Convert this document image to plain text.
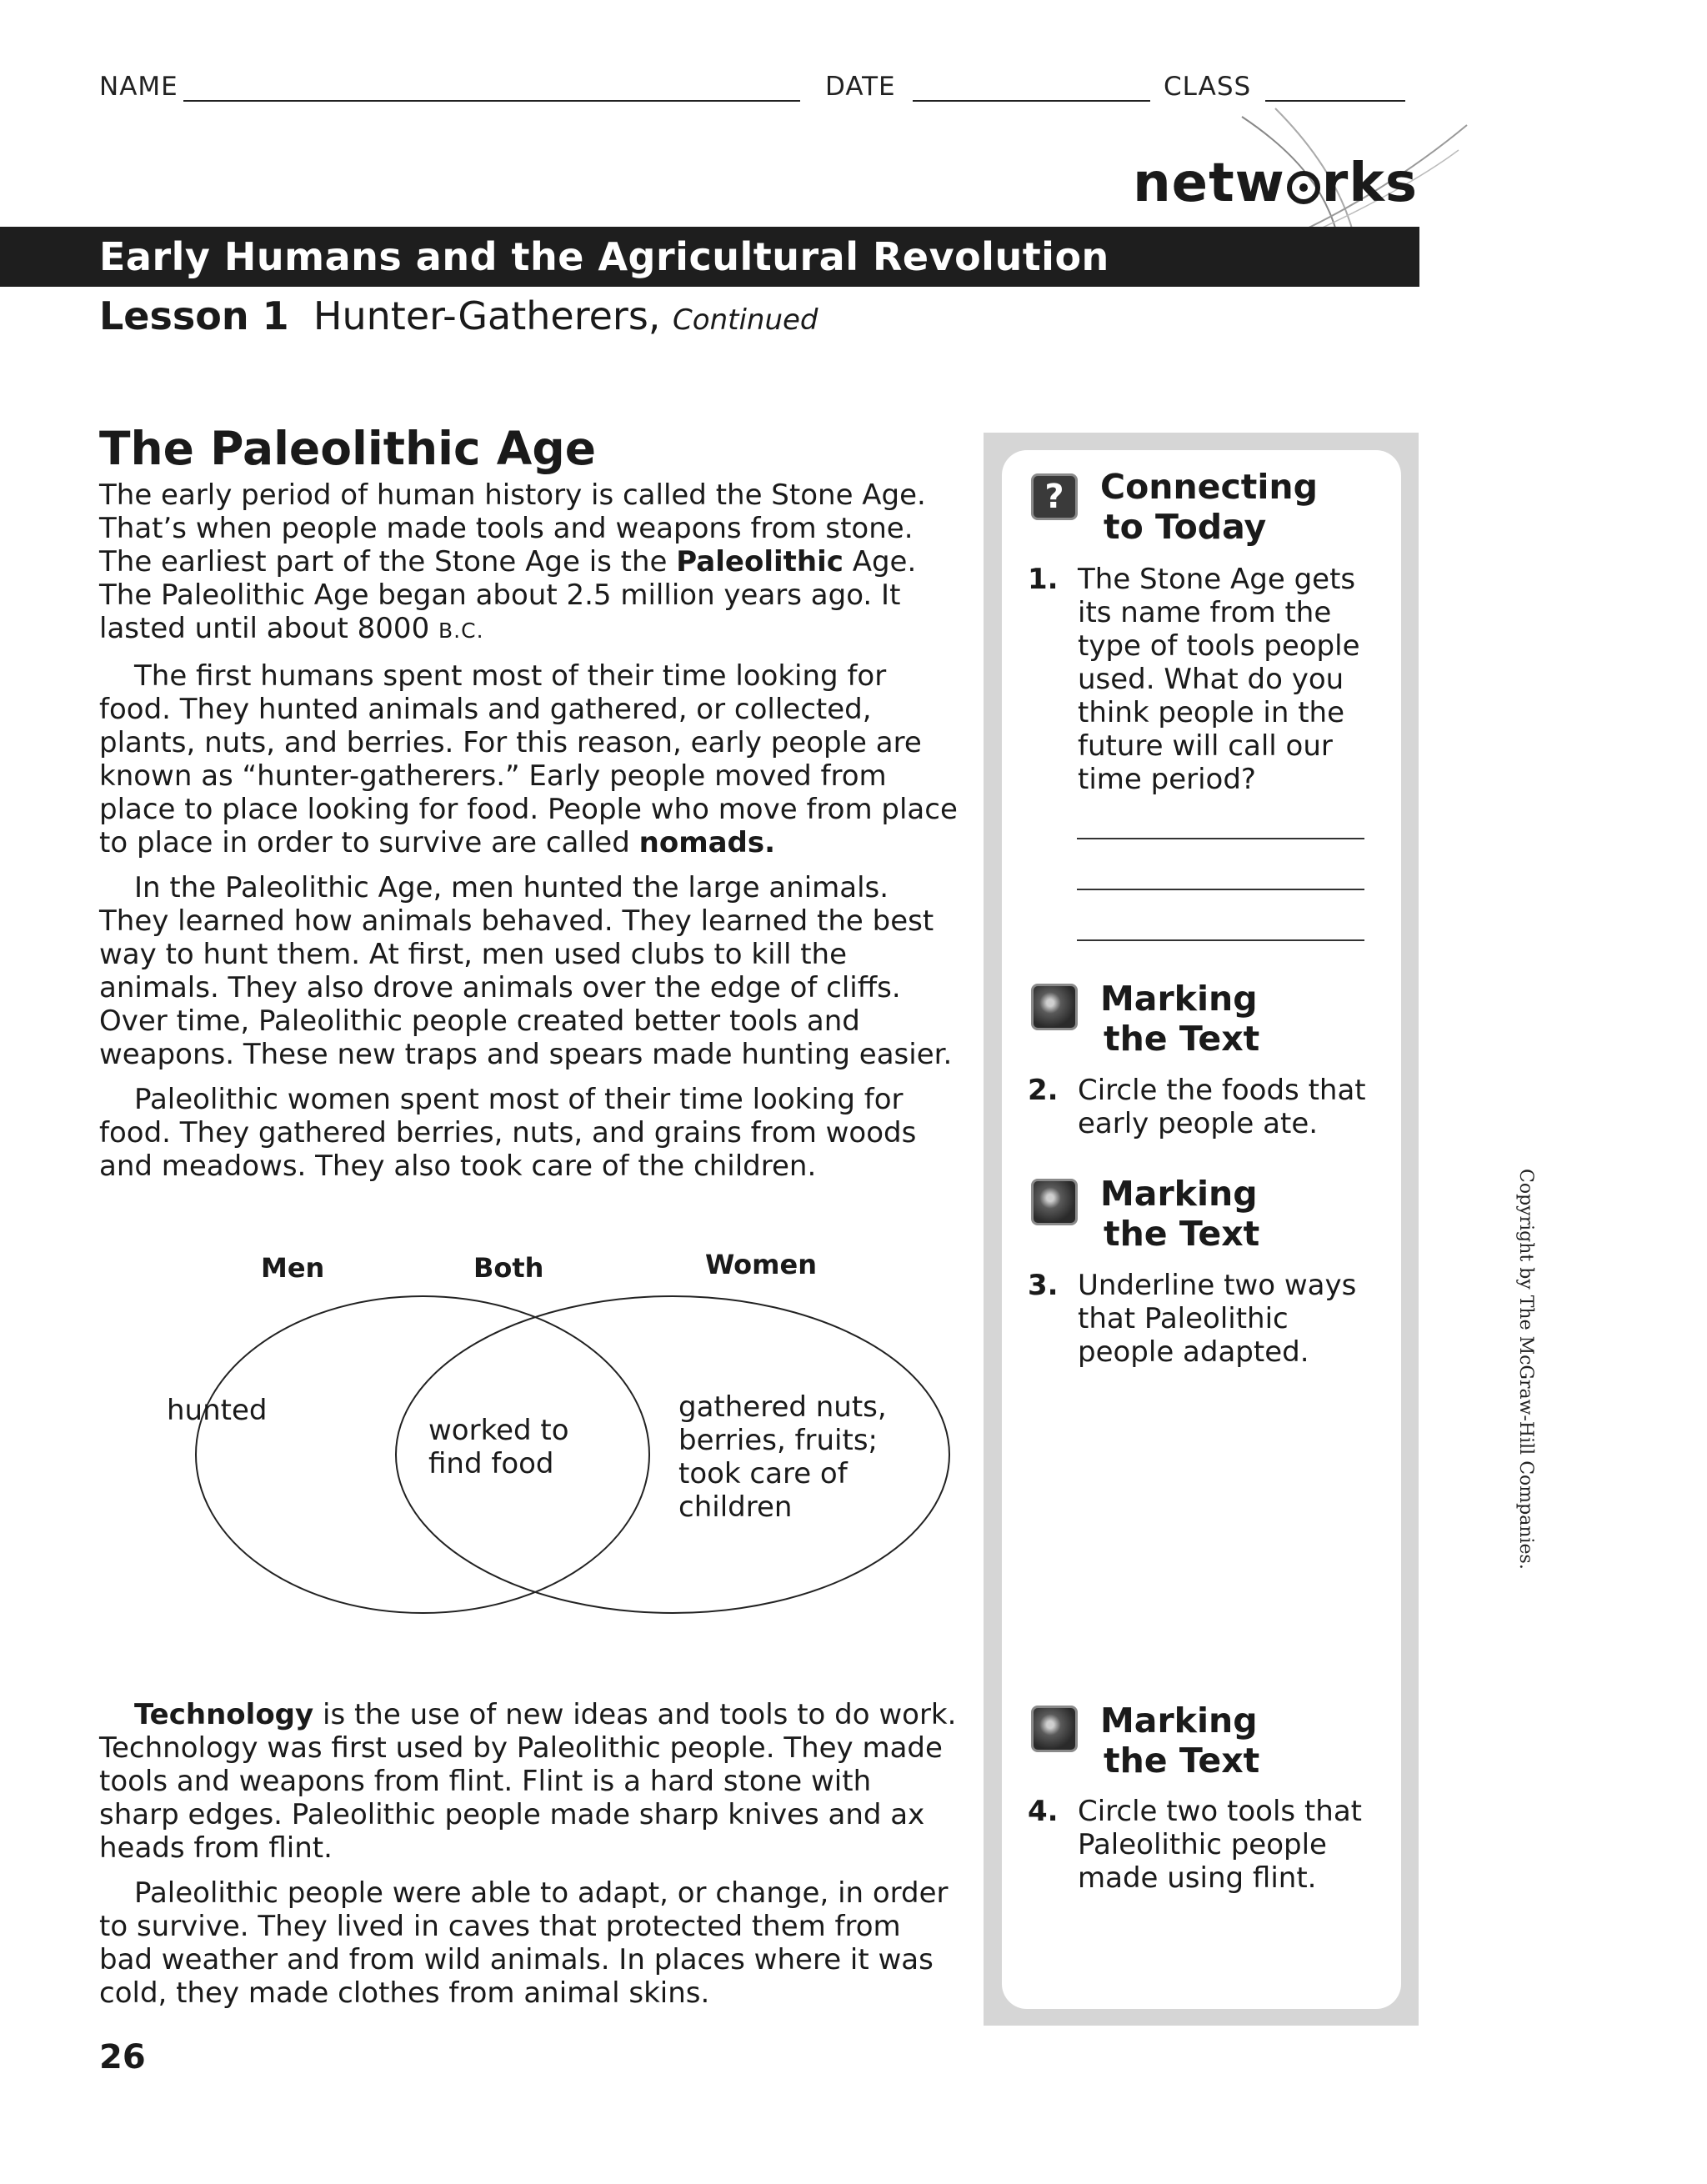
NAME	DATE	CLASS
netw rks
Early Humans and the Agricultural Revolution
Lesson 1 Hunter-Gatherers, Continued
The Paleolithic Age

The early period of human history is called the Stone Age. That’s when people made tools and weapons from stone. The earliest part of the Stone Age is the Paleolithic Age. The Paleolithic Age began about 2.5 million years ago. It lasted until about 8000 B.C.

The first humans spent most of their time looking for food. They hunted animals and gathered, or collected, plants, nuts, and berries. For this reason, early people are known as “hunter-gatherers.” Early people moved from place to place looking for food. People who move from place to place in order to survive are called nomads.

In the Paleolithic Age, men hunted the large animals. They learned how animals behaved. They learned the best way to hunt them. At first, men used clubs to kill the animals. They also drove animals over the edge of cliffs. Over time, Paleolithic people created better tools and weapons. These new traps and spears made hunting easier.

Paleolithic women spent most of their time looking for food. They gathered berries, nuts, and grains from woods and meadows. They also took care of the children.

Men	Both	Women
hunted
worked to
find food
gathered nuts,
berries, fruits;
took care of
children

Technology is the use of new ideas and tools to do work. Technology was first used by Paleolithic people. They made tools and weapons from flint. Flint is a hard stone with sharp edges. Paleolithic people made sharp knives and ax heads from flint.

Paleolithic people were able to adapt, or change, in order to survive. They lived in caves that protected them from bad weather and from wild animals. In places where it was cold, they made clothes from animal skins.

?	Connecting
to Today
1. The Stone Age gets its name from the type of tools people used. What do you think people in the future will call our time period?
Marking
the Text
2. Circle the foods that early people ate.
Marking
the Text
3. Underline two ways that Paleolithic people adapted.
Marking
the Text
4. Circle two tools that Paleolithic people made using flint.
Copyright by The McGraw-Hill Companies.
26
